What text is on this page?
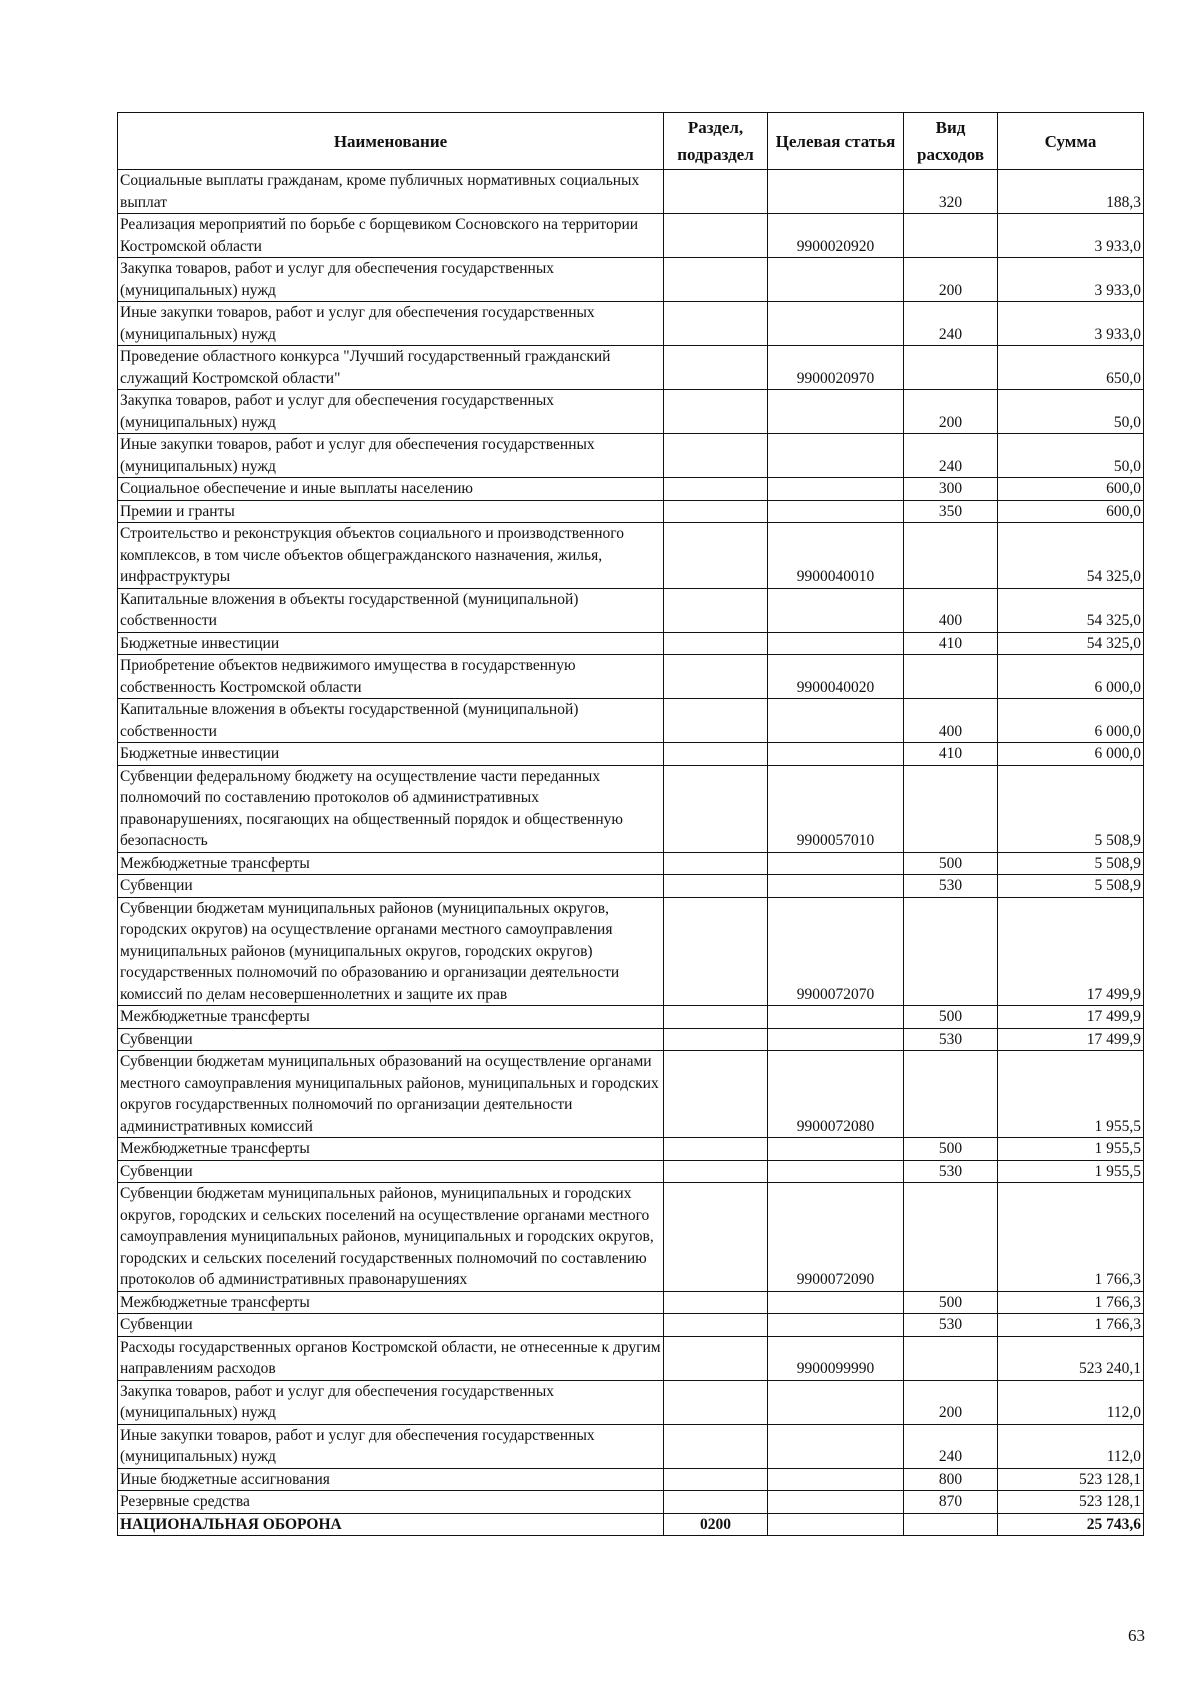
Наименование	Раздел, подраздел	Целевая статья	Вид расходов	Сумма
Социальные выплаты гражданам, кроме публичных нормативных социальных выплат			320	188,3
Реализация мероприятий по борьбе с борщевиком Сосновского на территории Костромской области		9900020920		3 933,0
Закупка товаров, работ и услуг для обеспечения государственных (муниципальных) нужд			200	3 933,0
Иные закупки товаров, работ и услуг для обеспечения государственных (муниципальных) нужд			240	3 933,0
Проведение областного конкурса "Лучший государственный гражданский служащий Костромской области"		9900020970		650,0
Закупка товаров, работ и услуг для обеспечения государственных (муниципальных) нужд			200	50,0
Иные закупки товаров, работ и услуг для обеспечения государственных (муниципальных) нужд			240	50,0
Социальное обеспечение и иные выплаты населению			300	600,0
Премии и гранты			350	600,0
Строительство и реконструкция объектов социального и производственного комплексов, в том числе объектов общегражданского назначения, жилья, инфраструктуры		9900040010		54 325,0
Капитальные вложения в объекты государственной (муниципальной) собственности			400	54 325,0
Бюджетные инвестиции			410	54 325,0
Приобретение объектов недвижимого имущества в государственную собственность Костромской области		9900040020		6 000,0
Капитальные вложения в объекты государственной (муниципальной) собственности			400	6 000,0
Бюджетные инвестиции			410	6 000,0
Субвенции федеральному бюджету на осуществление части переданных полномочий по составлению протоколов об административных правонарушениях, посягающих на общественный порядок и общественную безопасность		9900057010		5 508,9
Межбюджетные трансферты			500	5 508,9
Субвенции			530	5 508,9
Субвенции бюджетам муниципальных районов (муниципальных округов, городских округов) на осуществление органами местного самоуправления муниципальных районов (муниципальных округов, городских округов) государственных полномочий по образованию и организации деятельности комиссий по делам несовершеннолетних и защите их прав		9900072070		17 499,9
Межбюджетные трансферты			500	17 499,9
Субвенции			530	17 499,9
Субвенции бюджетам муниципальных образований на осуществление органами местного самоуправления муниципальных районов, муниципальных и городских округов государственных полномочий по организации деятельности административных комиссий		9900072080		1 955,5
Межбюджетные трансферты			500	1 955,5
Субвенции			530	1 955,5
Субвенции бюджетам муниципальных районов, муниципальных и городских округов, городских и сельских поселений на осуществление органами местного самоуправления муниципальных районов, муниципальных и городских округов, городских и сельских поселений государственных полномочий по составлению протоколов об административных правонарушениях		9900072090		1 766,3
Межбюджетные трансферты			500	1 766,3
Субвенции			530	1 766,3
Расходы государственных органов Костромской области, не отнесенные к другим направлениям расходов		9900099990		523 240,1
Закупка товаров, работ и услуг для обеспечения государственных (муниципальных) нужд			200	112,0
Иные закупки товаров, работ и услуг для обеспечения государственных (муниципальных) нужд			240	112,0
Иные бюджетные ассигнования			800	523 128,1
Резервные средства			870	523 128,1
НАЦИОНАЛЬНАЯ ОБОРОНА	0200			25 743,6
63
